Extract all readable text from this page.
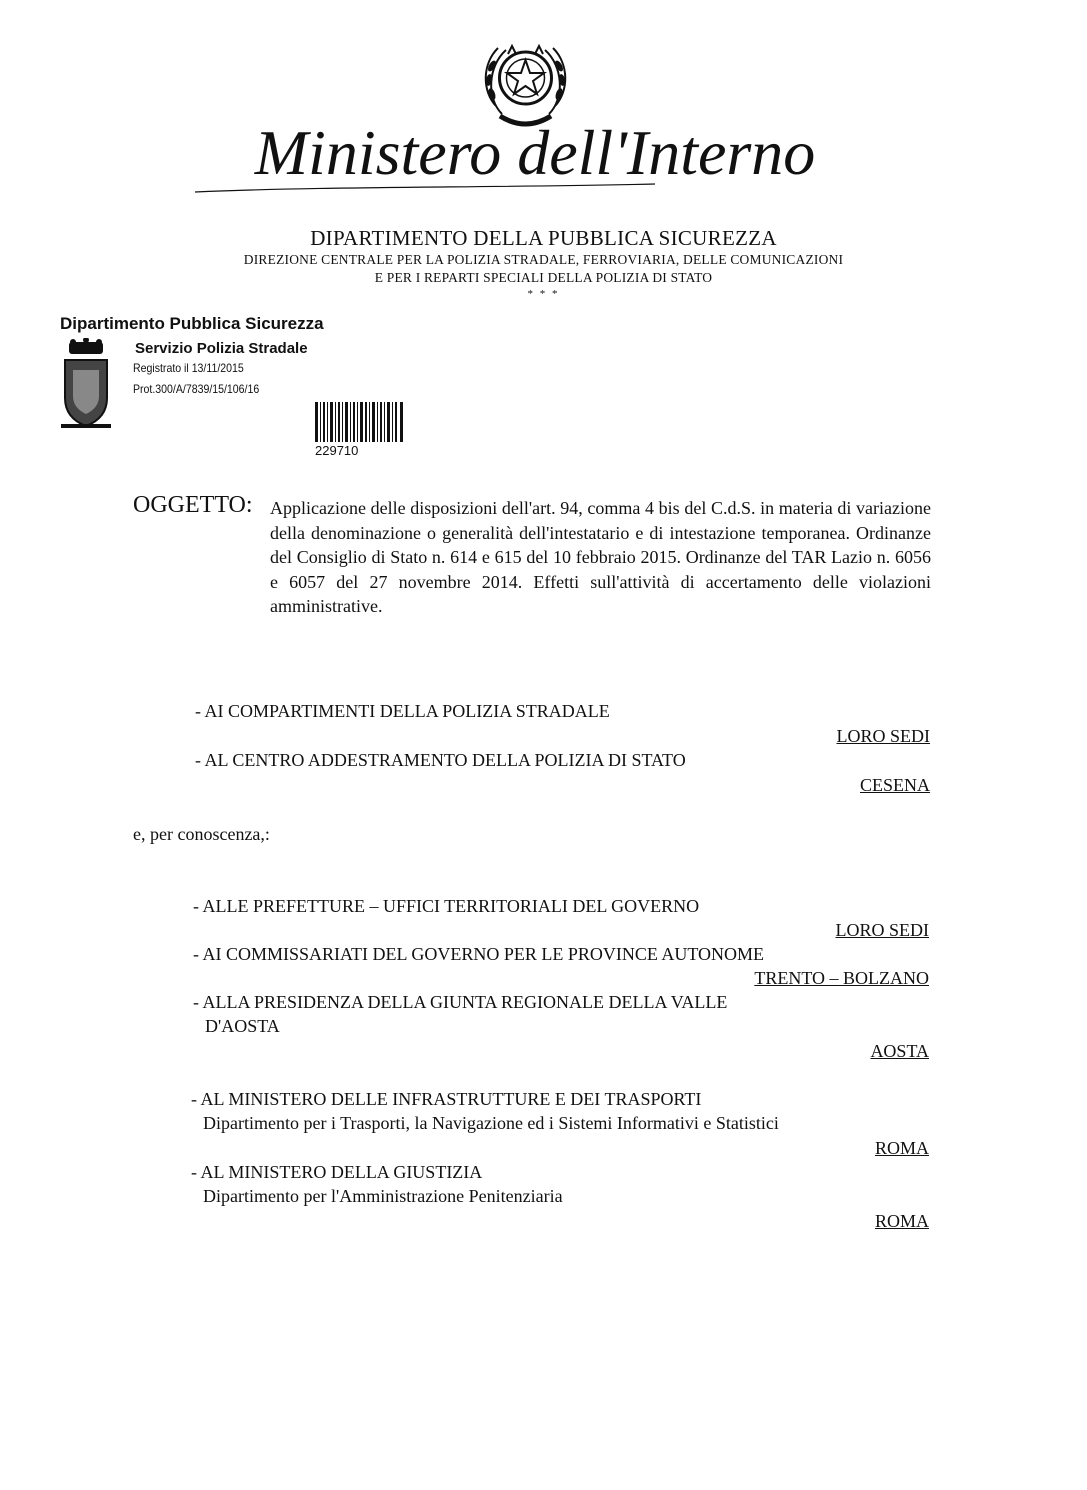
Ministero dell'Interno
DIPARTIMENTO DELLA PUBBLICA SICUREZZA
DIREZIONE CENTRALE PER LA POLIZIA STRADALE, FERROVIARIA, DELLE COMUNICAZIONI
E PER I REPARTI SPECIALI DELLA POLIZIA DI STATO
* * *
Dipartimento Pubblica Sicurezza
Servizio Polizia Stradale
Registrato il 13/11/2015
Prot.300/A/7839/15/106/16
229710
OGGETTO: Applicazione delle disposizioni dell'art. 94, comma 4 bis del C.d.S. in materia di variazione della denominazione o generalità dell'intestatario e di intestazione temporanea. Ordinanze del Consiglio di Stato n. 614 e 615 del 10 febbraio 2015. Ordinanze del TAR Lazio n. 6056 e 6057 del 27 novembre 2014. Effetti sull'attività di accertamento delle violazioni amministrative.
- AI COMPARTIMENTI DELLA POLIZIA STRADALE
LORO SEDI
- AL CENTRO ADDESTRAMENTO DELLA POLIZIA DI STATO
CESENA
e, per conoscenza,:
- ALLE PREFETTURE – UFFICI TERRITORIALI DEL GOVERNO
LORO SEDI
- AI COMMISSARIATI DEL GOVERNO PER LE PROVINCE AUTONOME
TRENTO – BOLZANO
- ALLA PRESIDENZA DELLA GIUNTA REGIONALE DELLA VALLE
D'AOSTA
AOSTA
- AL MINISTERO DELLE INFRASTRUTTURE E DEI TRASPORTI
Dipartimento per i Trasporti, la Navigazione ed i Sistemi Informativi e Statistici
ROMA
- AL MINISTERO DELLA GIUSTIZIA
Dipartimento per l'Amministrazione Penitenziaria
ROMA
